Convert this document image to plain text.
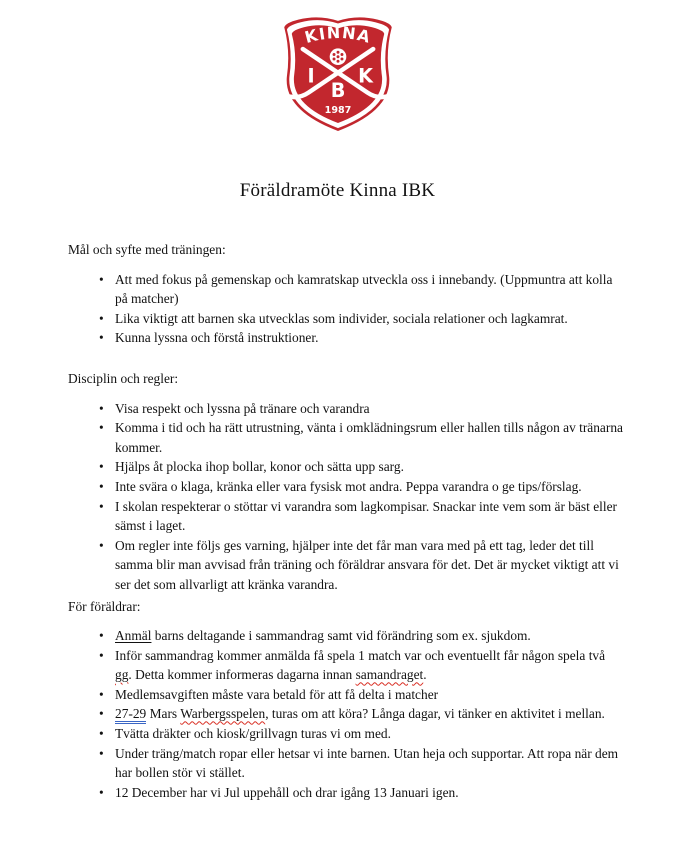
KINNA
I K
B
1987
Föräldramöte Kinna IBK
Mål och syfte med träningen:
• Att med fokus på gemenskap och kamratskap utveckla oss i innebandy. (Uppmuntra att kolla på matcher)
• Lika viktigt att barnen ska utvecklas som individer, sociala relationer och lagkamrat.
• Kunna lyssna och förstå instruktioner.
Disciplin och regler:
• Visa respekt och lyssna på tränare och varandra
• Komma i tid och ha rätt utrustning, vänta i omklädningsrum eller hallen tills någon av tränarna kommer.
• Hjälps åt plocka ihop bollar, konor och sätta upp sarg.
• Inte svära o klaga, kränka eller vara fysisk mot andra. Peppa varandra o ge tips/förslag.
• I skolan respekterar o stöttar vi varandra som lagkompisar. Snackar inte vem som är bäst eller sämst i laget.
• Om regler inte följs ges varning, hjälper inte det får man vara med på ett tag, leder det till samma blir man avvisad från träning och föräldrar ansvara för det. Det är mycket viktigt att vi ser det som allvarligt att kränka varandra.
För föräldrar:
• Anmäl barns deltagande i sammandrag samt vid förändring som ex. sjukdom.
• Inför sammandrag kommer anmälda få spela 1 match var och eventuellt får någon spela två gg. Detta kommer informeras dagarna innan samandraget.
• Medlemsavgiften måste vara betald för att få delta i matcher
• 27-29 Mars Warbergsspelen, turas om att köra? Långa dagar, vi tänker en aktivitet i mellan.
• Tvätta dräkter och kiosk/grillvagn turas vi om med.
• Under träng/match ropar eller hetsar vi inte barnen. Utan heja och supportar. Att ropa när dem har bollen stör vi stället.
• 12 December har vi Jul uppehåll och drar igång 13 Januari igen.
